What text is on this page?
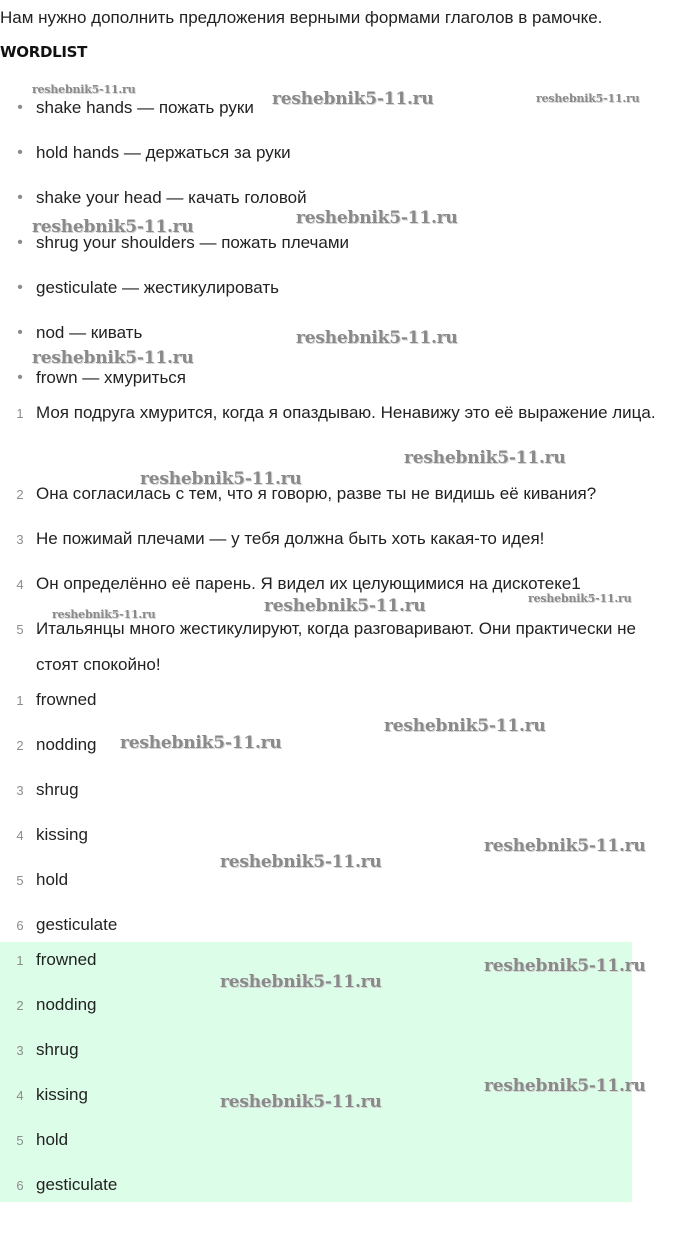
Нам нужно дополнить предложения верными формами глаголов в рамочке.
WORDLIST
• shake hands — пожать руки
• hold hands — держаться за руки
• shake your head — качать головой
• shrug your shoulders — пожать плечами
• gesticulate — жестикулировать
• nod — кивать
• frown — хмуриться
1 Моя подруга хмурится, когда я опаздываю. Ненавижу это её выражение лица.
2 Она согласилась с тем, что я говорю, разве ты не видишь её кивания?
3 Не пожимай плечами — у тебя должна быть хоть какая-то идея!
4 Он определённо её парень. Я видел их целующимися на дискотеке1
5 Итальянцы много жестикулируют, когда разговаривают. Они практически не стоят спокойно!
1 frowned
2 nodding
3 shrug
4 kissing
5 hold
6 gesticulate
1 frowned
2 nodding
3 shrug
4 kissing
5 hold
6 gesticulate
reshebnik5-11.ru	reshebnik5-11.ru	reshebnik5-11.ru
reshebnik5-11.ru
reshebnik5-11.ru
reshebnik5-11.ru
reshebnik5-11.ru
reshebnik5-11.ru
reshebnik5-11.ru
reshebnik5-11.ru
reshebnik5-11.ru
reshebnik5-11.ru
reshebnik5-11.ru
reshebnik5-11.ru
reshebnik5-11.ru
reshebnik5-11.ru
reshebnik5-11.ru
reshebnik5-11.ru
reshebnik5-11.ru
reshebnik5-11.ru
